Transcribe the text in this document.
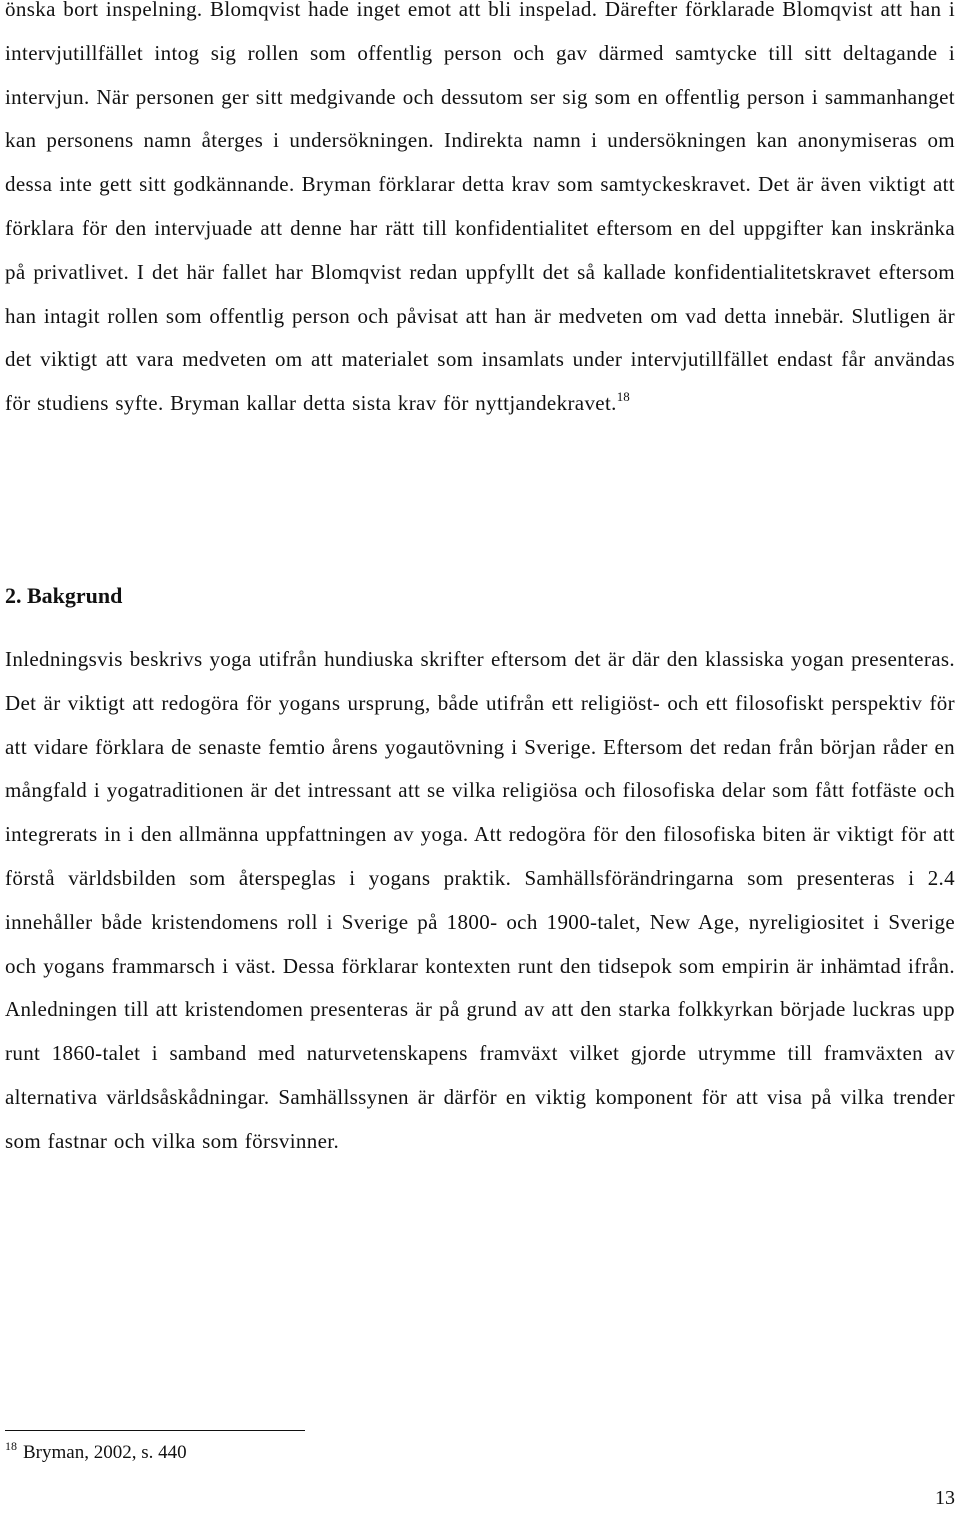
önska bort inspelning. Blomqvist hade inget emot att bli inspelad. Därefter förklarade Blomqvist att han i intervjutillfället intog sig rollen som offentlig person och gav därmed samtycke till sitt deltagande i intervjun. När personen ger sitt medgivande och dessutom ser sig som en offentlig person i sammanhanget kan personens namn återges i undersökningen. Indirekta namn i undersökningen kan anonymiseras om dessa inte gett sitt godkännande. Bryman förklarar detta krav som samtyckeskravet. Det är även viktigt att förklara för den intervjuade att denne har rätt till konfidentialitet eftersom en del uppgifter kan inskränka på privatlivet. I det här fallet har Blomqvist redan uppfyllt det så kallade konfidentialitetskravet eftersom han intagit rollen som offentlig person och påvisat att han är medveten om vad detta innebär. Slutligen är det viktigt att vara medveten om att materialet som insamlats under intervjutillfället endast får användas för studiens syfte. Bryman kallar detta sista krav för nyttjandekravet.$^{18}$

2. Bakgrund

Inledningsvis beskrivs yoga utifrån hundiuska skrifter eftersom det är där den klassiska yogan presenteras. Det är viktigt att redogöra för yogans ursprung, både utifrån ett religiöst- och ett filosofiskt perspektiv för att vidare förklara de senaste femtio årens yogautövning i Sverige. Eftersom det redan från början råder en mångfald i yogatraditionen är det intressant att se vilka religiösa och filosofiska delar som fått fotfäste och integrerats in i den allmänna uppfattningen av yoga. Att redogöra för den filosofiska biten är viktigt för att förstå världsbilden som återspeglas i yogans praktik. Samhällsförändringarna som presenteras i 2.4 innehåller både kristendomens roll i Sverige på 1800- och 1900-talet, New Age, nyreligiositet i Sverige och yogans frammarsch i väst. Dessa förklarar kontexten runt den tidsepok som empirin är inhämtad ifrån. Anledningen till att kristendomen presenteras är på grund av att den starka folkkyrkan började luckras upp runt 1860-talet i samband med naturvetenskapens framväxt vilket gjorde utrymme till framväxten av alternativa världsåskådningar. Samhällssynen är därför en viktig komponent för att visa på vilka trender som fastnar och vilka som försvinner.

$^{18}$ Bryman, 2002, s. 440

13
